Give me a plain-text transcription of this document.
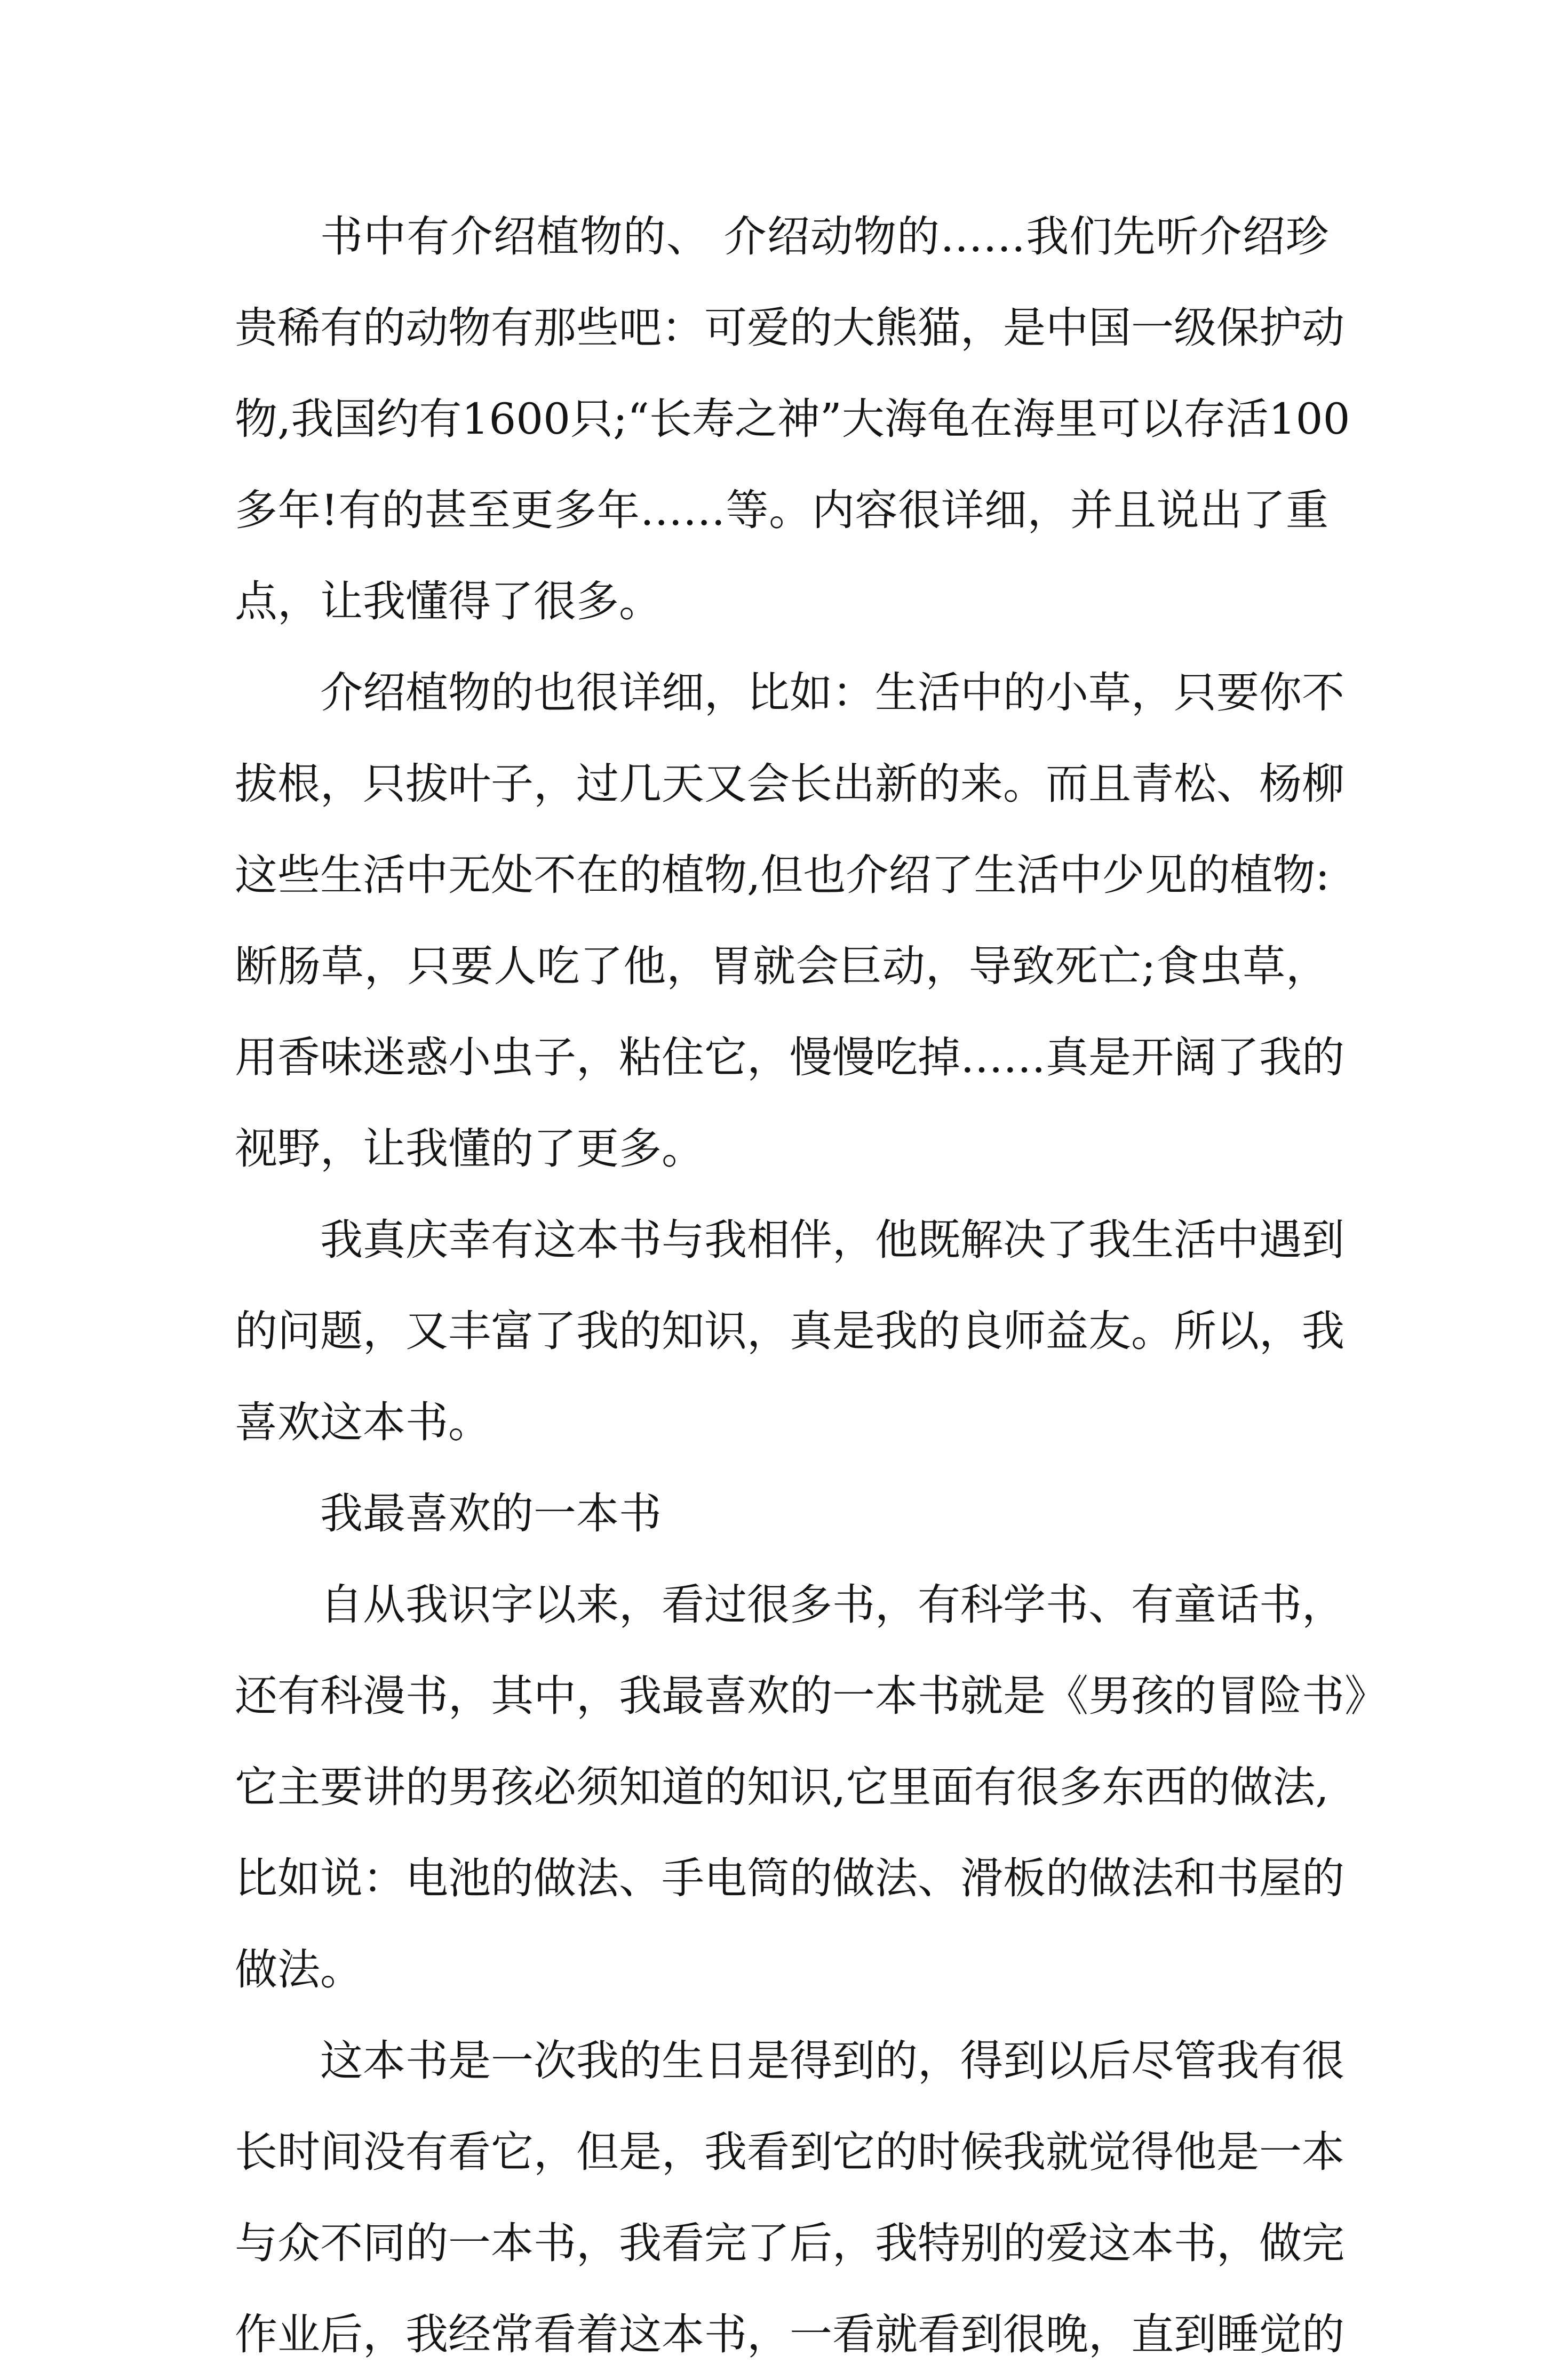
书中有介绍植物的、 介绍动物的……我们先听介绍珍
贵稀有的动物有那些吧：可爱的大熊猫，是中国一级保护动
物,我国约有1600只;“长寿之神”大海龟在海里可以存活100
多年!有的甚至更多年……等。内容很详细，并且说出了重
点，让我懂得了很多。
介绍植物的也很详细，比如：生活中的小草，只要你不
拔根，只拔叶子，过几天又会长出新的来。而且青松、杨柳
这些生活中无处不在的植物,但也介绍了生活中少见的植物:
断肠草，只要人吃了他，胃就会巨动，导致死亡;食虫草，
用香味迷惑小虫子，粘住它，慢慢吃掉……真是开阔了我的
视野，让我懂的了更多。
我真庆幸有这本书与我相伴，他既解决了我生活中遇到
的问题，又丰富了我的知识，真是我的良师益友。所以，我
喜欢这本书。
我最喜欢的一本书
自从我识字以来，看过很多书，有科学书、有童话书，
还有科漫书，其中，我最喜欢的一本书就是《男孩的冒险书》
它主要讲的男孩必须知道的知识,它里面有很多东西的做法,
比如说：电池的做法、手电筒的做法、滑板的做法和书屋的
做法。
这本书是一次我的生日是得到的，得到以后尽管我有很
长时间没有看它，但是，我看到它的时候我就觉得他是一本
与众不同的一本书，我看完了后，我特别的爱这本书，做完
作业后，我经常看着这本书，一看就看到很晚，直到睡觉的
